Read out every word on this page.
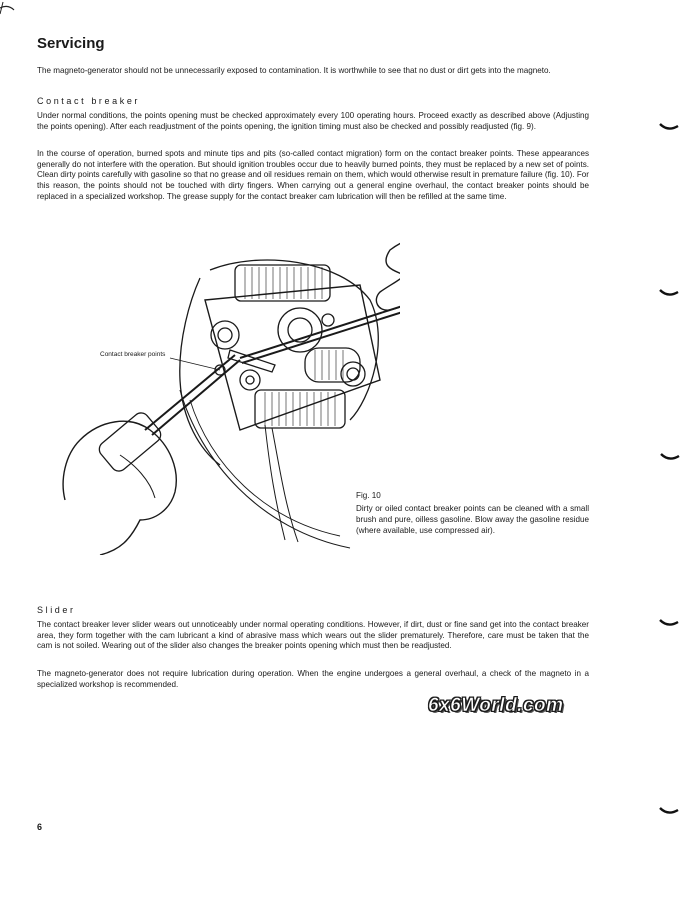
Servicing

The magneto-generator should not be unnecessarily exposed to contamination. It is worthwhile to see that no dust or dirt gets into the magneto.

Contact breaker

Under normal conditions, the points opening must be checked approximately every 100 operating hours. Proceed exactly as described above (Adjusting the points opening). After each readjustment of the points opening, the ignition timing must also be checked and possibly readjusted (fig. 9).

In the course of operation, burned spots and minute tips and pits (so-called contact migration) form on the contact breaker points. These appearances generally do not interfere with the operation. But should ignition troubles occur due to heavily burned points, they must be replaced by a new set of points. Clean dirty points carefully with gasoline so that no grease and oil residues remain on them, which would otherwise result in premature failure (fig. 10). For this reason, the points should not be touched with dirty fingers. When carrying out a general engine overhaul, the contact breaker points should be replaced in a specialized workshop. The grease supply for the contact breaker cam lubrication will then be refilled at the same time.

Contact breaker points
Fig. 10

Dirty or oiled contact breaker points can be cleaned with a small brush and pure, oilless gasoline. Blow away the gasoline residue (where available, use compressed air).

Slider

The contact breaker lever slider wears out unnoticeably under normal operating conditions. However, if dirt, dust or fine sand get into the contact breaker area, they form together with the cam lubricant a kind of abrasive mass which wears out the slider prematurely. Therefore, care must be taken that the cam is not soiled. Wearing out of the slider also changes the breaker points opening which must then be readjusted.

The magneto-generator does not require lubrication during operation. When the engine undergoes a general overhaul, a check of the magneto in a specialized workshop is recommended.

6x6World.com
6
